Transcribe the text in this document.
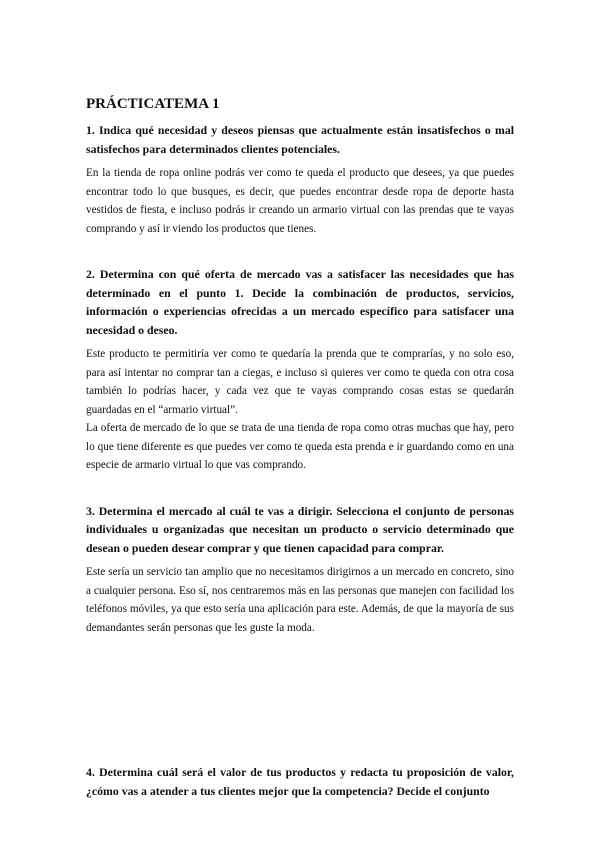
PRÁCTICATEMA 1

1. Indica qué necesidad y deseos piensas que actualmente están insatisfechos o mal satisfechos para determinados clientes potenciales.

En la tienda de ropa online podrás ver como te queda el producto que desees, ya que puedes encontrar todo lo que busques, es decir, que puedes encontrar desde ropa de deporte hasta vestidos de fiesta, e incluso podrás ir creando un armario virtual con las prendas que te vayas comprando y así ir viendo los productos que tienes.

2. Determina con qué oferta de mercado vas a satisfacer las necesidades que has determinado en el punto 1. Decide la combinación de productos, servicios, información o experiencias ofrecidas a un mercado específico para satisfacer una necesidad o deseo.

Este producto te permitiría ver como te quedaría la prenda que te comprarías, y no solo eso, para así intentar no comprar tan a ciegas, e incluso si quieres ver como te queda con otra cosa también lo podrías hacer, y cada vez que te vayas comprando cosas estas se quedarán guardadas en el “armario virtual”.

La oferta de mercado de lo que se trata de una tienda de ropa como otras muchas que hay, pero lo que tiene diferente es que puedes ver como te queda esta prenda e ir guardando como en una especie de armario virtual lo que vas comprando.

3. Determina el mercado al cuál te vas a dirigir. Selecciona el conjunto de personas individuales u organizadas que necesitan un producto o servicio determinado que desean o pueden desear comprar y que tienen capacidad para comprar.

Este sería un servicio tan amplio que no necesitamos dirigirnos a un mercado en concreto, sino a cualquier persona. Eso sí, nos centraremos más en las personas que manejen con facilidad los teléfonos móviles, ya que esto sería una aplicación para este. Además, de que la mayoría de sus demandantes serán personas que les guste la moda.

4. Determina cuál será el valor de tus productos y redacta tu proposición de valor, ¿cómo vas a atender a tus clientes mejor que la competencia? Decide el conjunto
